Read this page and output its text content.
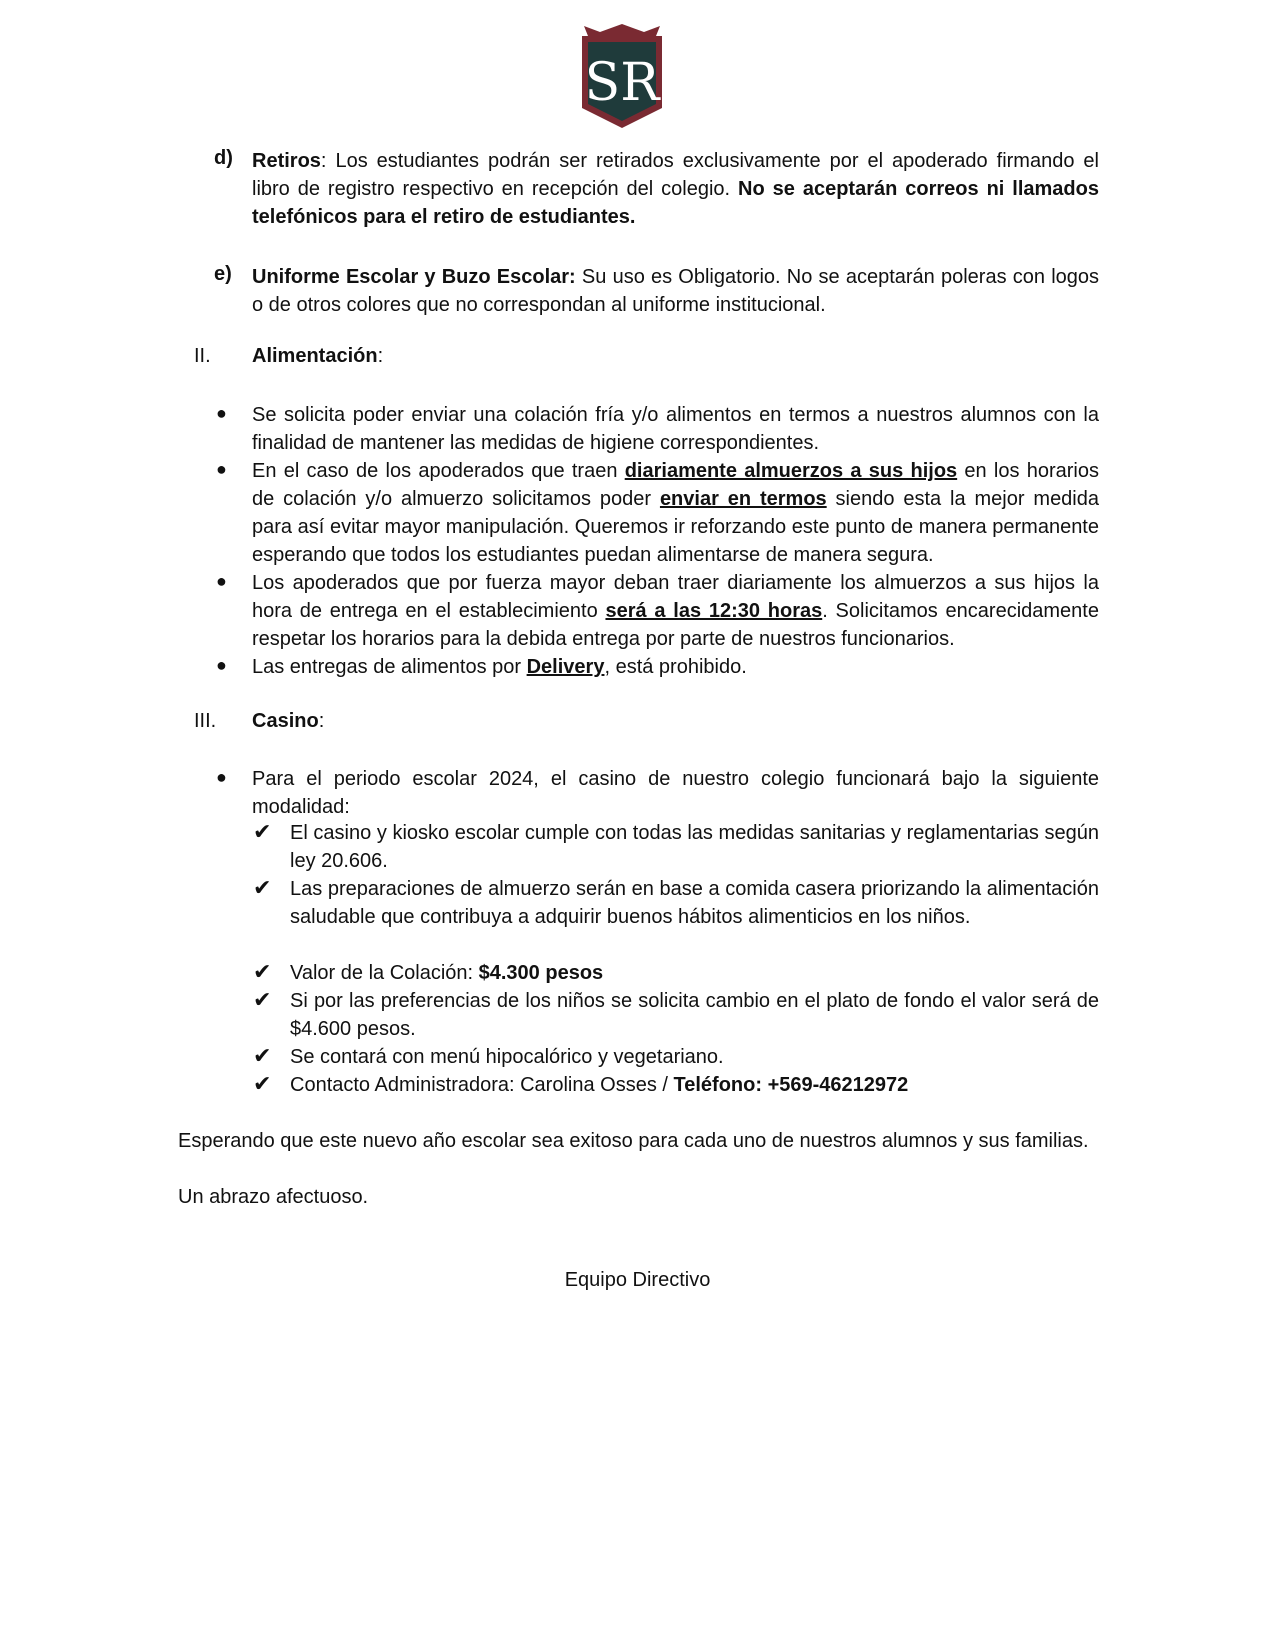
SR
d) Retiros: Los estudiantes podrán ser retirados exclusivamente por el apoderado firmando el libro de registro respectivo en recepción del colegio. No se aceptarán correos ni llamados telefónicos para el retiro de estudiantes.
e) Uniforme Escolar y Buzo Escolar: Su uso es Obligatorio. No se aceptarán poleras con logos o de otros colores que no correspondan al uniforme institucional.
II. Alimentación:
● Se solicita poder enviar una colación fría y/o alimentos en termos a nuestros alumnos con la finalidad de mantener las medidas de higiene correspondientes.
● En el caso de los apoderados que traen diariamente almuerzos a sus hijos en los horarios de colación y/o almuerzo solicitamos poder enviar en termos siendo esta la mejor medida para así evitar mayor manipulación. Queremos ir reforzando este punto de manera permanente esperando que todos los estudiantes puedan alimentarse de manera segura.
● Los apoderados que por fuerza mayor deban traer diariamente los almuerzos a sus hijos la hora de entrega en el establecimiento será a las 12:30 horas. Solicitamos encarecidamente respetar los horarios para la debida entrega por parte de nuestros funcionarios.
● Las entregas de alimentos por Delivery, está prohibido.
III. Casino:
● Para el periodo escolar 2024, el casino de nuestro colegio funcionará bajo la siguiente modalidad:
✔ El casino y kiosko escolar cumple con todas las medidas sanitarias y reglamentarias según ley 20.606.
✔ Las preparaciones de almuerzo serán en base a comida casera priorizando la alimentación saludable que contribuya a adquirir buenos hábitos alimenticios en los niños.
✔ Valor de la Colación: $4.300 pesos
✔ Si por las preferencias de los niños se solicita cambio en el plato de fondo el valor será de $4.600 pesos.
✔ Se contará con menú hipocalórico y vegetariano.
✔ Contacto Administradora: Carolina Osses / Teléfono: +569-46212972
Esperando que este nuevo año escolar sea exitoso para cada uno de nuestros alumnos y sus familias.
Un abrazo afectuoso.
Equipo Directivo
